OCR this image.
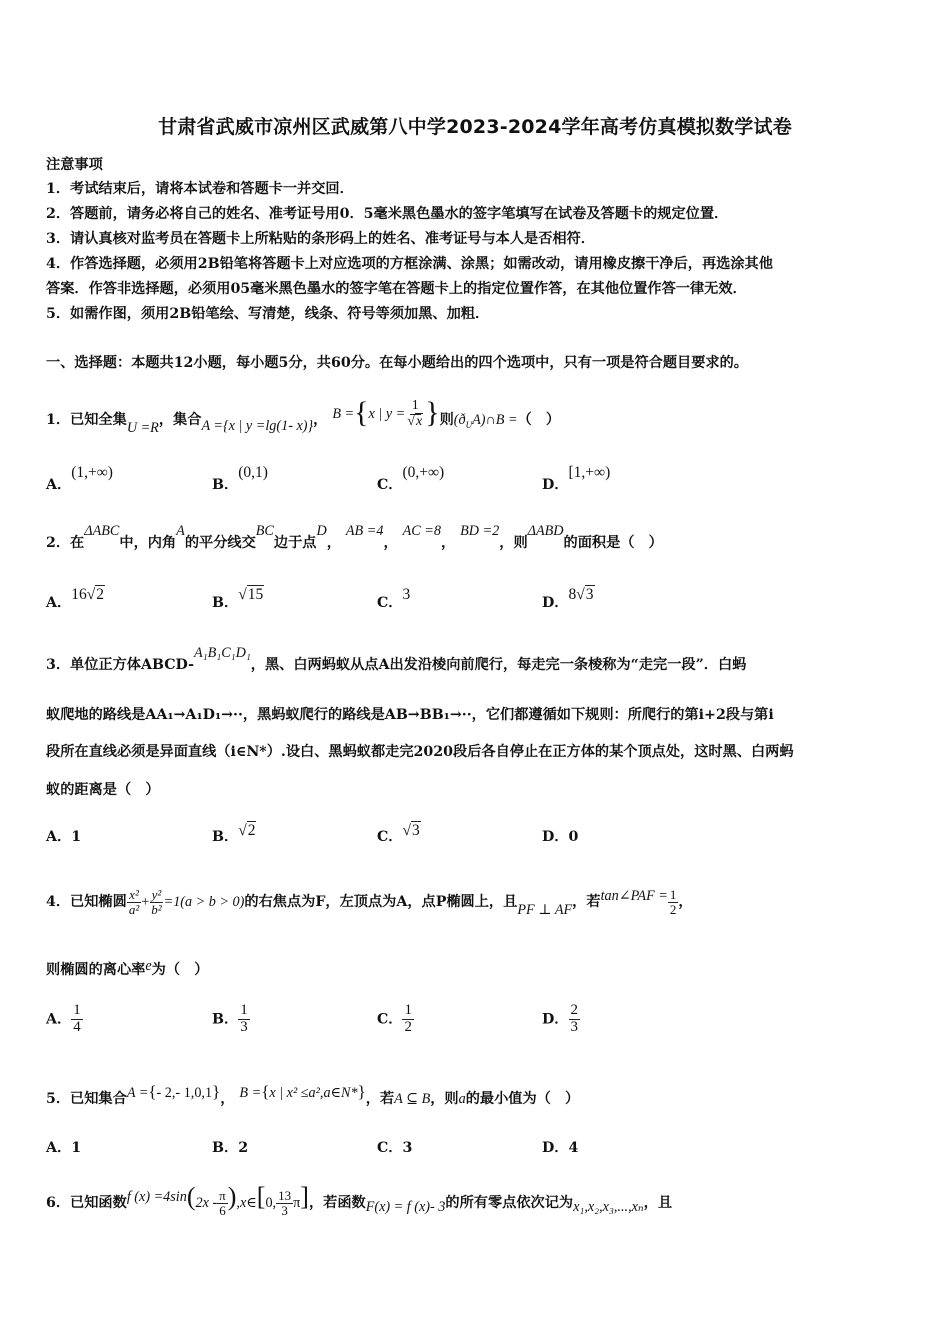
甘肃省武威市凉州区武威第八中学2023-2024学年高考仿真模拟数学试卷
注意事项
1．考试结束后，请将本试卷和答题卡一并交回．
2．答题前，请务必将自己的姓名、准考证号用0．5毫米黑色墨水的签字笔填写在试卷及答题卡的规定位置．
3．请认真核对监考员在答题卡上所粘贴的条形码上的姓名、准考证号与本人是否相符．
4．作答选择题，必须用2B铅笔将答题卡上对应选项的方框涂满、涂黑；如需改动，请用橡皮擦干净后，再选涂其他
答案．作答非选择题，必须用05毫米黑色墨水的签字笔在答题卡上的指定位置作答，在其他位置作答一律无效．
5．如需作图，须用2B铅笔绘、写清楚，线条、符号等须加黑、加粗．
一、选择题：本题共12小题，每小题5分，共60分。在每小题给出的四个选项中，只有一项是符合题目要求的。
1．已知全集U =R，集合A ={x | y =lg(1- x)}， B ={x | $y = \frac{1}{√x}$ }则$(ð_UA)\cap B$ =（　）
A．(1,+∞)
B．(0,1)
C．(0,+∞)
D．[1,+∞)
2．在ΔABC中，内角A的平分线交BC边于点D， AB =4， AC =8， BD =2，则ΔABD的面积是（　）
A．16√2	B．√15	C．3	D．8√3
3．单位正方体ABCD-A₁B₁C₁D₁，黑、白两蚂蚁从点A出发沿棱向前爬行，每走完一条棱称为“走完一段”．白蚂
蚁爬地的路线是AA₁→A₁D₁→··，黑蚂蚁爬行的路线是AB→BB₁→··，它们都遵循如下规则：所爬行的第i+2段与第i
段所在直线必须是异面直线（i∈N*）.设白、黑蚂蚁都走完2020段后各自停止在正方体的某个顶点处，这时黑、白两蚂
蚁的距离是（　）
A．1	B．√2	C．√3	D．0
4．已知椭圆 $\frac{\text{x²}}{\text{a²}} + \frac{\text{y²}}{\text{b²}} =1(a > b > 0)$的右焦点为F，左顶点为A，点P椭圆上，且PF ⊥ AF，若tan∠PAF = $\frac{1}{2}$ ，
则椭圆的离心率e为（　）
A． $\frac{1}{4}$	B． $\frac{1}{3}$	C． $\frac{1}{2}$	D． $\frac{2}{3}$
5．已知集合A ={- 2,- 1,0,1}， B ={x | x² ≤a²,a∈N*}，若A ⊆ B，则a的最小值为（　）
A．1	B．2	C．3	D．4
6．已知函数f $(x) =4\sin(2x - \frac{\pi}{6}$ ),x∈[0, $\frac{13}{3} \pi$]，若函数F(x) = f (x)- 3的所有零点依次记为x₁,x₂,x₃,...,xₙ，且
